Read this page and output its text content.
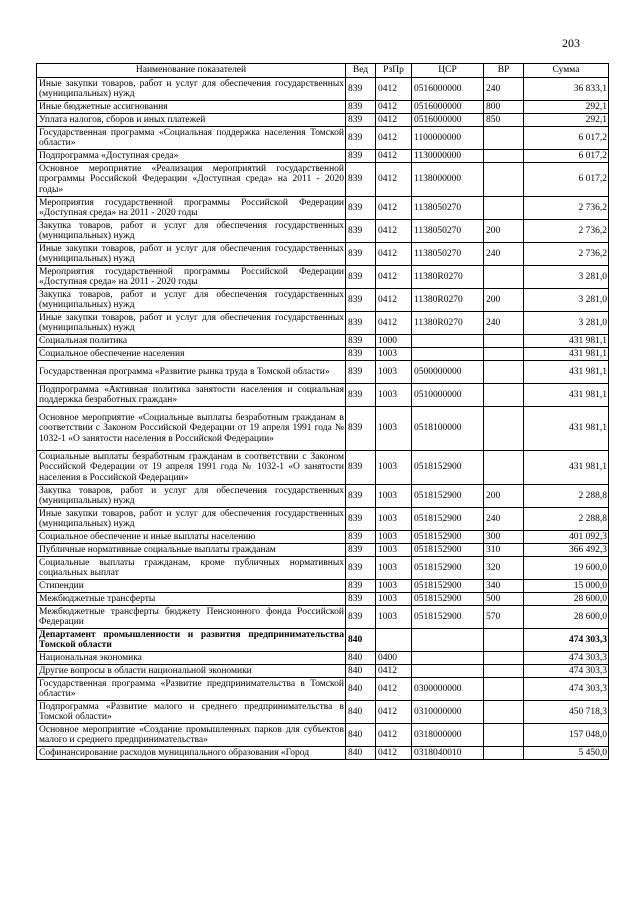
203
Наименование показателей	Вед	РзПр	ЦСР	ВР	Сумма
Иные закупки товаров, работ и услуг для обеспечения государственных (муниципальных) нужд	839	0412	0516000000	240	36 833,1
Иные бюджетные ассигнования	839	0412	0516000000	800	292,1
Уплата налогов, сборов и иных платежей	839	0412	0516000000	850	292,1
Государственная программа «Социальная поддержка населения Томской области»	839	0412	1100000000		6 017,2
Подпрограмма «Доступная среда»	839	0412	1130000000		6 017,2
Основное мероприятие «Реализация мероприятий государственной программы Российской Федерации «Доступная среда» на 2011 - 2020 годы»	839	0412	1138000000		6 017,2
Мероприятия государственной программы Российской Федерации «Доступная среда» на 2011 - 2020 годы	839	0412	1138050270		2 736,2
Закупка товаров, работ и услуг для обеспечения государственных (муниципальных) нужд	839	0412	1138050270	200	2 736,2
Иные закупки товаров, работ и услуг для обеспечения государственных (муниципальных) нужд	839	0412	1138050270	240	2 736,2
Мероприятия государственной программы Российской Федерации «Доступная среда» на 2011 - 2020 годы	839	0412	11380R0270		3 281,0
Закупка товаров, работ и услуг для обеспечения государственных (муниципальных) нужд	839	0412	11380R0270	200	3 281,0
Иные закупки товаров, работ и услуг для обеспечения государственных (муниципальных) нужд	839	0412	11380R0270	240	3 281,0
Социальная политика	839	1000			431 981,1
Социальное обеспечение населения	839	1003			431 981,1
Государственная программа «Развитие рынка труда в Томской области»	839	1003	0500000000		431 981,1
Подпрограмма «Активная политика занятости населения и социальная поддержка безработных граждан»	839	1003	0510000000		431 981,1
Основное мероприятие «Социальные выплаты безработным гражданам в соответствии с Законом Российской Федерации от 19 апреля 1991 года № 1032-1 «О занятости населения в Российской Федерации»	839	1003	0518100000		431 981,1
Социальные выплаты безработным гражданам в соответствии с Законом Российской Федерации от 19 апреля 1991 года № 1032-1 «О занятости населения в Российской Федерации»	839	1003	0518152900		431 981,1
Закупка товаров, работ и услуг для обеспечения государственных (муниципальных) нужд	839	1003	0518152900	200	2 288,8
Иные закупки товаров, работ и услуг для обеспечения государственных (муниципальных) нужд	839	1003	0518152900	240	2 288,8
Социальное обеспечение и иные выплаты населению	839	1003	0518152900	300	401 092,3
Публичные нормативные социальные выплаты гражданам	839	1003	0518152900	310	366 492,3
Социальные выплаты гражданам, кроме публичных нормативных социальных выплат	839	1003	0518152900	320	19 600,0
Стипендии	839	1003	0518152900	340	15 000,0
Межбюджетные трансферты	839	1003	0518152900	500	28 600,0
Межбюджетные трансферты бюджету Пенсионного фонда Российской Федерации	839	1003	0518152900	570	28 600,0
Департамент промышленности и развития предпринимательства Томской области	840				474 303,3
Национальная экономика	840	0400			474 303,3
Другие вопросы в области национальной экономики	840	0412			474 303,3
Государственная программа «Развитие предпринимательства в Томской области»	840	0412	0300000000		474 303,3
Подпрограмма «Развитие малого и среднего предпринимательства в Томской области»	840	0412	0310000000		450 718,3
Основное мероприятие «Создание промышленных парков для субъектов малого и среднего предпринимательства»	840	0412	0318000000		157 048,0
Софинансирование расходов муниципального образования «Город	840	0412	0318040010		5 450,0
